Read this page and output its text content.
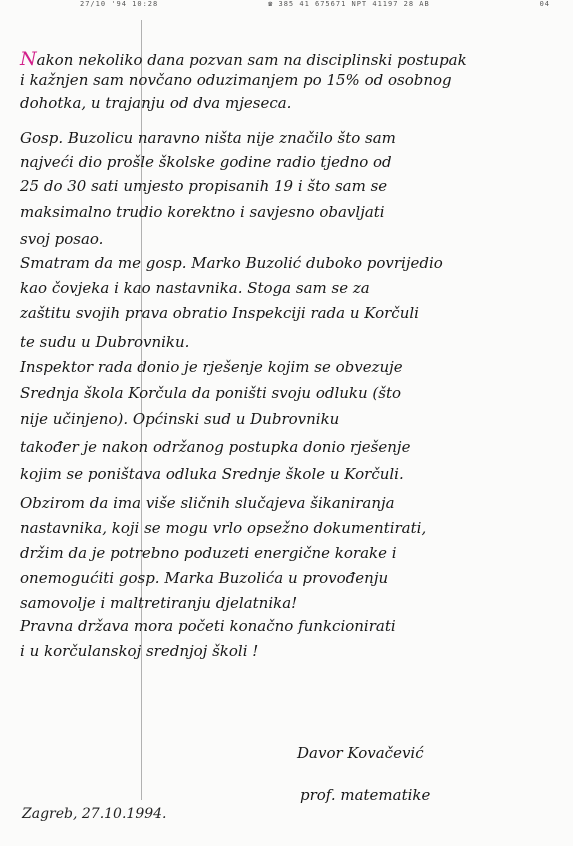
27/10 '94 10:28	☎ 385 41 675671 NPT 41197 28 AB	04
Nakon nekoliko dana pozvan sam na disciplinski postupak
i kažnjen sam novčano oduzimanjem po 15% od osobnog
dohotka, u trajanju od dva mjeseca.
Gosp. Buzolicu naravno ništa nije značilo što sam
najveći dio prošle školske godine radio tjedno od
25 do 30 sati umjesto propisanih 19 i što sam se
maksimalno trudio korektno i savjesno obavljati
svoj posao.
Smatram da me gosp. Marko Buzolić duboko povrijedio
kao čovjeka i kao nastavnika. Stoga sam se za
zaštitu svojih prava obratio Inspekciji rada u Korčuli
te sudu u Dubrovniku.
Inspektor rada donio je rješenje kojim se obvezuje
Srednja škola Korčula da poništi svoju odluku (što
nije učinjeno). Općinski sud u Dubrovniku
također je nakon održanog postupka donio rješenje
kojim se poništava odluka Srednje škole u Korčuli.
Obzirom da ima više sličnih slučajeva šikaniranja
nastavnika, koji se mogu vrlo opsežno dokumentirati,
držim da je potrebno poduzeti energične korake i
onemogućiti gosp. Marka Buzolića u provođenju
samovolje i maltretiranju djelatnika!
Pravna država mora početi konačno funkcionirati
i u korčulanskoj srednjoj školi !
Davor Kovačević
prof. matematike
Zagreb, 27.10.1994.
